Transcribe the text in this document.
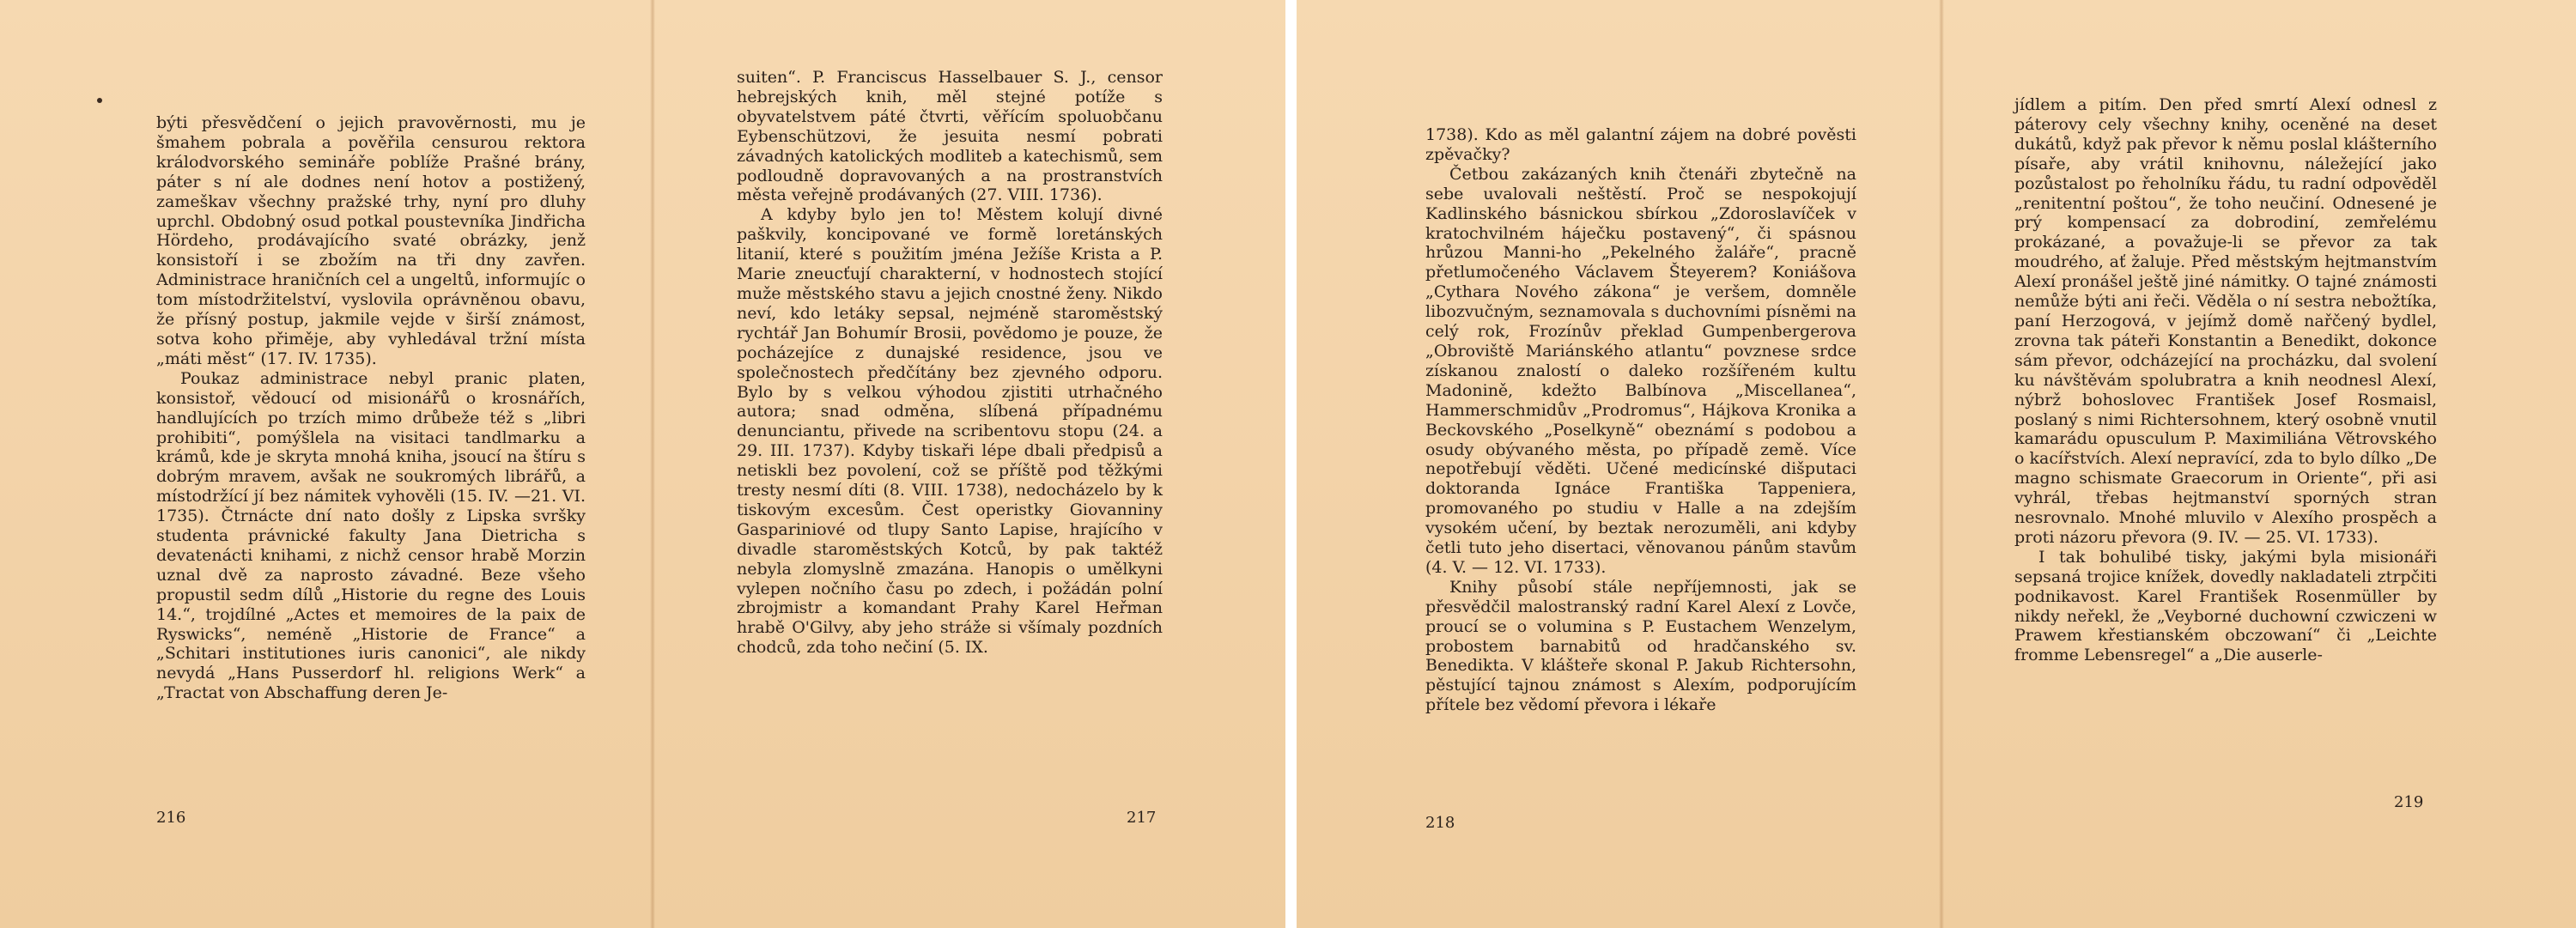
býti přesvědčení o jejich pravověrnosti, mu je šmahem pobrala a pověřila censurou rektora králodvorského semináře poblíže Prašné brány, páter s ní ale dodnes není hotov a postižený, zameškav všechny pražské trhy, nyní pro dluhy uprchl. Obdobný osud potkal poustevníka Jindřicha Hördeho, prodávajícího svaté obrázky, jenž konsistoří i se zbožím na tři dny zavřen. Administrace hraničních cel a ungeltů, informujíc o tom místodržitelství, vyslovila oprávněnou obavu, že přísný postup, jakmile vejde v širší známost, sotva koho přiměje, aby vyhledával tržní místa „máti měst“ (17. IV. 1735).

Poukaz administrace nebyl pranic platen, konsistoř, vědoucí od misionářů o krosnářích, handlujících po trzích mimo drůbeže též s „libri prohibiti“, pomýšlela na visitaci tandlmarku a krámů, kde je skryta mnohá kniha, jsoucí na štíru s dobrým mravem, avšak ne soukromých librářů, a místodržící jí bez námitek vyhověli (15. IV. —21. VI. 1735). Čtrnácte dní nato došly z Lipska svršky studenta právnické fakulty Jana Dietricha s devatenácti knihami, z nichž censor hrabě Morzin uznal dvě za naprosto závadné. Beze všeho propustil sedm dílů „Historie du regne des Louis 14.“, trojdílné „Actes et memoires de la paix de Ryswicks“, neméně „Historie de France“ a „Schitari institutiones iuris canonici“, ale nikdy nevydá „Hans Pusserdorf hl. religions Werk“ a „Tractat von Abschaffung deren Je-

216

suiten“. P. Franciscus Hasselbauer S. J., censor hebrejských knih, měl stejné potíže s obyvatelstvem páté čtvrti, věřícím spoluobčanu Eybenschützovi, že jesuita nesmí pobrati závadných katolických modliteb a katechismů, sem podloudně dopravovaných a na prostranstvích města veřejně prodávaných (27. VIII. 1736).

A kdyby bylo jen to! Městem kolují divné paškvily, koncipované ve formě loretánských litanií, které s použitím jména Ježíše Krista a P. Marie zneucťují charakterní, v hodnostech stojící muže městského stavu a jejich cnostné ženy. Nikdo neví, kdo letáky sepsal, nejméně staroměstský rychtář Jan Bohumír Brosii, povědomo je pouze, že pocházejíce z dunajské residence, jsou ve společnostech předčítány bez zjevného odporu. Bylo by s velkou výhodou zjistiti utrhačného autora; snad odměna, slíbená případnému denunciantu, přivede na scribentovu stopu (24. a 29. III. 1737). Kdyby tiskaři lépe dbali předpisů a netiskli bez povolení, což se příště pod těžkými tresty nesmí díti (8. VIII. 1738), nedocházelo by k tiskovým excesům. Čest operistky Giovanniny Gaspariniové od tlupy Santo Lapise, hrajícího v divadle staroměstských Kotců, by pak taktéž nebyla zlomyslně zmazána. Hanopis o umělkyni vylepen nočního času po zdech, i požádán polní zbrojmistr a komandant Prahy Karel Heřman hrabě O'Gilvy, aby jeho stráže si všímaly pozdních chodců, zda toho nečiní (5. IX.

217

1738). Kdo as měl galantní zájem na dobré pověsti zpěvačky?

Četbou zakázaných knih čtenáři zbytečně na sebe uvalovali neštěstí. Proč se nespokojují Kadlinského básnickou sbírkou „Zdoroslavíček v kratochvilném háječku postavený“, či spásnou hrůzou Manni-ho „Pekelného žaláře“, pracně přetlumočeného Václavem Šteyerem? Koniášova „Cythara Nového zákona“ je veršem, domněle libozvučným, seznamovala s duchovními písněmi na celý rok, Frozínův překlad Gumpenbergerova „Obroviště Mariánského atlantu“ povznese srdce získanou znalostí o daleko rozšířeném kultu Madonině, kdežto Balbínova „Miscellanea“, Hammerschmidův „Prodromus“, Hájkova Kronika a Beckovského „Poselkyně“ obeznámí s podobou a osudy obývaného města, po případě země. Více nepotřebují věděti. Učené medicínské dišputaci doktoranda Ignáce Františka Tappeniera, promovaného po studiu v Halle a na zdejším vysokém učení, by beztak nerozuměli, ani kdyby četli tuto jeho disertaci, věnovanou pánům stavům (4. V. — 12. VI. 1733).

Knihy působí stále nepříjemnosti, jak se přesvědčil malostranský radní Karel Alexí z Lovče, proucí se o volumina s P. Eustachem Wenzelym, probostem barnabitů od hradčanského sv. Benedikta. V klášteře skonal P. Jakub Richtersohn, pěstující tajnou známost s Alexím, podporujícím přítele bez vědomí převora i lékaře

218

jídlem a pitím. Den před smrtí Alexí odnesl z páterovy cely všechny knihy, oceněné na deset dukátů, když pak převor k němu poslal klášterního písaře, aby vrátil knihovnu, náležející jako pozůstalost po řeholníku řádu, tu radní odpověděl „renitentní poštou“, že toho neučiní. Odnesené je prý kompensací za dobrodiní, zemřelému prokázané, a považuje-li se převor za tak moudrého, ať žaluje. Před městským hejtmanstvím Alexí pronášel ještě jiné námitky. O tajné známosti nemůže býti ani řeči. Věděla o ní sestra nebožtíka, paní Herzogová, v jejímž domě nařčený bydlel, zrovna tak páteři Konstantin a Benedikt, dokonce sám převor, odcházející na procházku, dal svolení ku návštěvám spolubratra a knih neodnesl Alexí, nýbrž bohoslovec František Josef Rosmaisl, poslaný s nimi Richtersohnem, který osobně vnutil kamarádu opusculum P. Maximiliána Větrovského o kacířstvích. Alexí nepravící, zda to bylo dílko „De magno schismate Graecorum in Oriente“, při asi vyhrál, třebas hejtmanství sporných stran nesrovnalo. Mnohé mluvilo v Alexího prospěch a proti názoru převora (9. IV. — 25. VI. 1733).

I tak bohulibé tisky, jakými byla misionáři sepsaná trojice knížek, dovedly nakladateli ztrpčiti podnikavost. Karel František Rosenmüller by nikdy neřekl, že „Veyborné duchowní czwiczeni w Prawem křestianském obczowaní“ či „Leichte fromme Lebensregel“ a „Die auserle-

219
